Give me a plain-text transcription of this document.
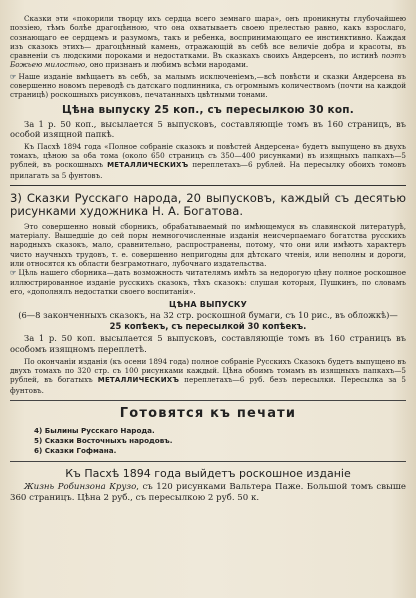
Сказки эти «покорили творцу ихъ сердца всего земнаго шара», онъ проникнуты глубочайшею поэзіею, тѣмъ болѣе драгоцѣнною, что она охватываетъ своею прелестью равно, какъ взрослаго, сознающаго ее сердцемъ и разумомъ, такъ и ребенка, воспринимающаго ее инстинктивно. Каждая изъ сказокъ этихъ— драгоцѣнный камень, отражающій въ себѣ все величіе добра и красоты, въ сравненіи съ людскими пороками и недостатками. Въ сказкахъ своихъ Андерсенъ, по истинѣ поэтъ Божьею милостью, оно признанъ и любимъ всѣми народами.

☞ Наше изданіе вмѣщаетъ въ себѣ, за малымъ исключеніемъ,—всѣ повѣсти и сказки Андерсена въ совершенно новомъ переводѣ съ датскаго подлинника, съ огромнымъ количествомъ (почти на каждой страницѣ) роскошныхъ рисунковъ, печатанныхъ цвѣтными тонами.

Цѣна выпуску 25 коп., съ пересылкою 30 коп.

За 1 р. 50 коп., высылается 5 выпусковъ, составляющіе томъ въ 160 страницъ, въ особой изящной папкѣ.

Къ Пасхѣ 1894 года «Полное собраніе сказокъ и повѣстей Андерсена» будетъ выпущено въ двухъ томахъ, цѣною за оба тома (около 650 страницъ съ 350—400 рисунками) въ изящныхъ папкахъ—5 рублей, въ роскошныхъ МЕТАЛЛИЧЕСКИХЪ переплетахъ—6 рублей. На пересылку обоихъ томовъ прилагать за 5 фунтовъ.

3) Сказки Русскаго народа, 20 выпусковъ, каждый съ десятью рисунками художника Н. А. Богатова.

Это совершенно новый сборникъ, обрабатываемый по имѣющемуся въ славянской литературѣ, матеріалу. Вышедшіе до сей поры немногочисленные изданія неисчерпаемаго богатства русскихъ народныхъ сказокъ, мало, сравнительно, распространены, потому, что они или имѣютъ характеръ чисто научныхъ трудовъ, т. е. совершенно непригодны для дѣтскаго чтенія, или неполны и дороги, или относятся къ области безграмотнаго, лубочнаго издательства.

☞ Цѣль нашего сборника—дать возможность читателямъ имѣть за недорогую цѣну полное роскошное иллюстрированное изданіе русскихъ сказокъ, тѣхъ сказокъ: слушая которыя, Пушкинъ, по словамъ его, «дополнялъ недостатки своего воспитанія».

ЦѢНА ВЫПУСКУ

(6—8 законченныхъ сказокъ, на 32 стр. роскошной бумаги, съ 10 рис., въ обложкѣ)—

25 копѣекъ, съ пересылкой 30 копѣекъ.

За 1 р. 50 коп. высылается 5 выпусковъ, составляющіе томъ въ 160 страницъ въ особомъ изящномъ переплетѣ.

По окончаніи изданія (къ осени 1894 года) полное собраніе Русскихъ Сказокъ будетъ выпущено въ двухъ томахъ по 320 стр. съ 100 рисунками каждый. Цѣна обоимъ томамъ въ изящныхъ папкахъ—5 рублей, въ богатыхъ МЕТАЛЛИЧЕСКИХЪ переплетахъ—6 руб. безъ пересылки. Пересылка за 5 фунтовъ.

Готовятся къ печати
4) Былины Русскаго Народа.
5) Сказки Восточныхъ народовъ.
6) Сказки Гофмана.
Къ Пасхѣ 1894 года выйдетъ роскошное изданіе

Жизнь Робинзона Крузо, съ 120 рисунками Вальтера Паже. Большой томъ свыше 360 страницъ. Цѣна 2 руб., съ пересылкою 2 руб. 50 к.
